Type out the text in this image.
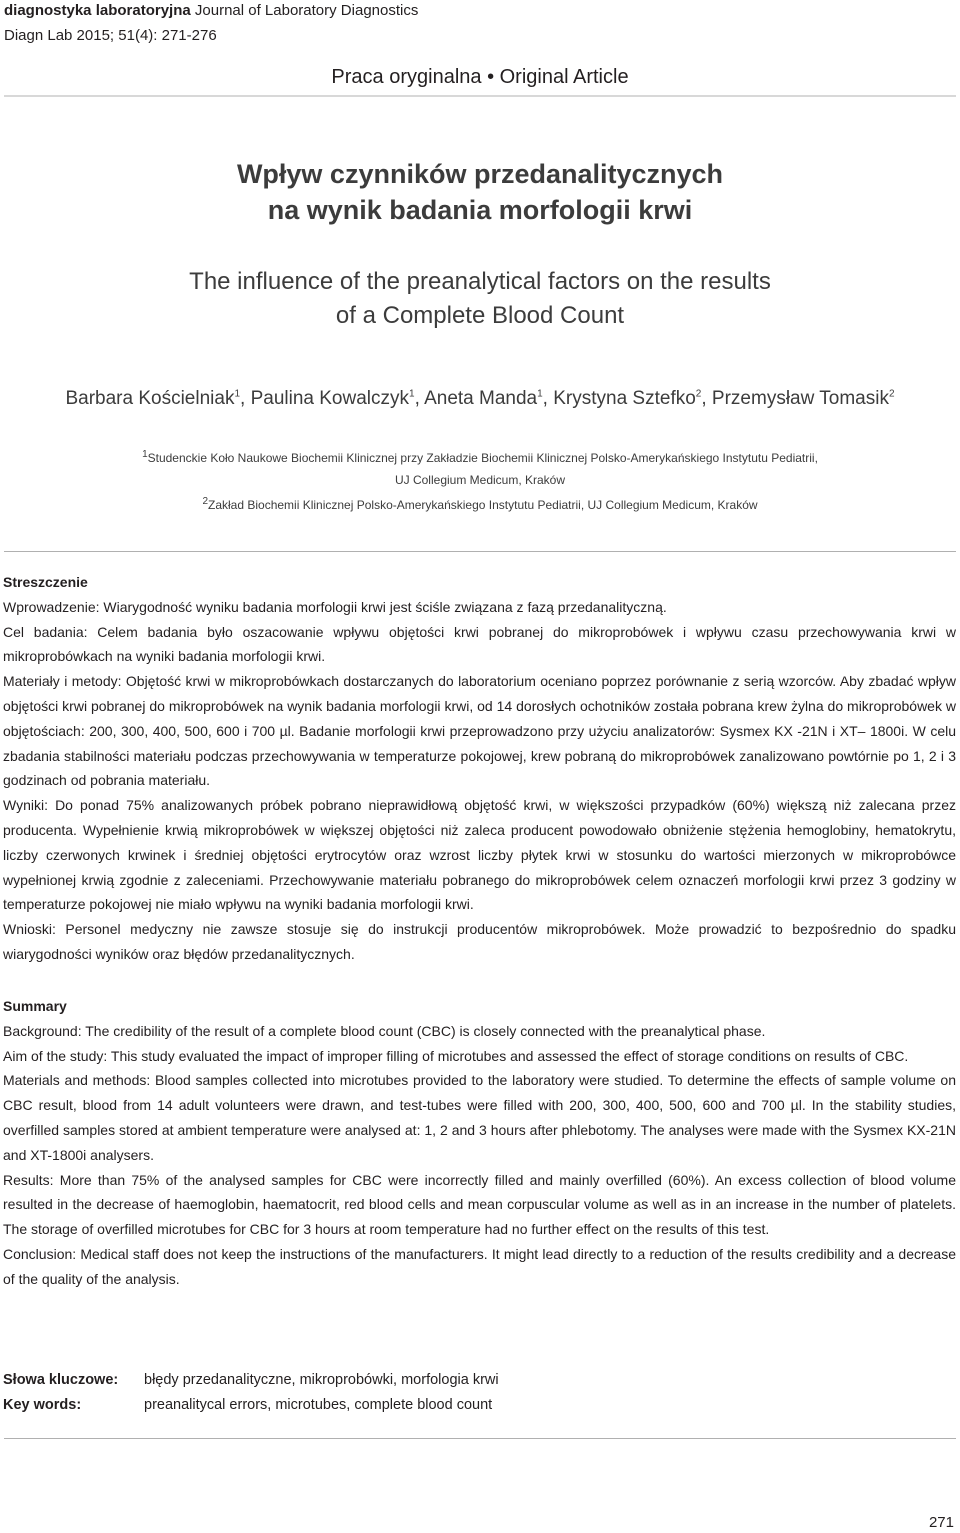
diagnostyka laboratoryjna Journal of Laboratory Diagnostics
Diagn Lab 2015; 51(4): 271-276
Praca oryginalna • Original Article
Wpływ czynników przedanalitycznych
na wynik badania morfologii krwi
The influence of the preanalytical factors on the results
of a Complete Blood Count
Barbara Kościelniak$^1$, Paulina Kowalczyk$^1$, Aneta Manda$^1$, Krystyna Sztefko$^2$, Przemysław Tomasik$^2$
$^1$Studenckie Koło Naukowe Biochemii Klinicznej przy Zakładzie Biochemii Klinicznej Polsko-Amerykańskiego Instytutu Pediatrii,
UJ Collegium Medicum, Kraków
$^2$Zakład Biochemii Klinicznej Polsko-Amerykańskiego Instytutu Pediatrii, UJ Collegium Medicum, Kraków
Streszczenie

Wprowadzenie: Wiarygodność wyniku badania morfologii krwi jest ściśle związana z fazą przedanalityczną.

Cel badania: Celem badania było oszacowanie wpływu objętości krwi pobranej do mikroprobówek i wpływu czasu przechowywania krwi w mikroprobówkach na wyniki badania morfologii krwi.

Materiały i metody: Objętość krwi w mikroprobówkach dostarczanych do laboratorium oceniano poprzez porównanie z serią wzorców. Aby zbadać wpływ objętości krwi pobranej do mikroprobówek na wynik badania morfologii krwi, od 14 dorosłych ochotników została pobrana krew żylna do mikroprobówek w objętościach: 200, 300, 400, 500, 600 i 700 µl. Badanie morfologii krwi przeprowadzono przy użyciu analizatorów: Sysmex KX -21N i XT– 1800i. W celu zbadania stabilności materiału podczas przechowywania w temperaturze pokojowej, krew pobraną do mikroprobówek zanalizowano powtórnie po 1, 2 i 3 godzinach od pobrania materiału.

Wyniki: Do ponad 75% analizowanych próbek pobrano nieprawidłową objętość krwi, w większości przypadków (60%) większą niż zalecana przez producenta. Wypełnienie krwią mikroprobówek w większej objętości niż zaleca producent powodowało obniżenie stężenia hemoglobiny, hematokrytu, liczby czerwonych krwinek i średniej objętości erytrocytów oraz wzrost liczby płytek krwi w stosunku do wartości mierzonych w mikroprobówce wypełnionej krwią zgodnie z zaleceniami. Przechowywanie materiału pobranego do mikroprobówek celem oznaczeń morfologii krwi przez 3 godziny w temperaturze pokojowej nie miało wpływu na wyniki badania morfologii krwi.

Wnioski: Personel medyczny nie zawsze stosuje się do instrukcji producentów mikroprobówek. Może prowadzić to bezpośrednio do spadku wiarygodności wyników oraz błędów przedanalitycznych.

Summary

Background: The credibility of the result of a complete blood count (CBC) is closely connected with the preanalytical phase.

Aim of the study: This study evaluated the impact of improper filling of microtubes and assessed the effect of storage conditions on results of CBC.

Materials and methods: Blood samples collected into microtubes provided to the laboratory were studied. To determine the effects of sample volume on CBC result, blood from 14 adult volunteers were drawn, and test-tubes were filled with 200, 300, 400, 500, 600 and 700 µl. In the stability studies, overfilled samples stored at ambient temperature were analysed at: 1, 2 and 3 hours after phlebotomy. The analyses were made with the Sysmex KX-21N and XT-1800i analysers.

Results: More than 75% of the analysed samples for CBC were incorrectly filled and mainly overfilled (60%). An excess collection of blood volume resulted in the decrease of haemoglobin, haematocrit, red blood cells and mean corpuscular volume as well as in an increase in the number of platelets. The storage of overfilled microtubes for CBC for 3 hours at room temperature had no further effect on the results of this test.

Conclusion: Medical staff does not keep the instructions of the manufacturers. It might lead directly to a reduction of the results credibility and a decrease of the quality of the analysis.

Słowa kluczowe:	błędy przedanalityczne, mikroprobówki, morfologia krwi
Key words:	preanalitycal errors, microtubes, complete blood count
271
